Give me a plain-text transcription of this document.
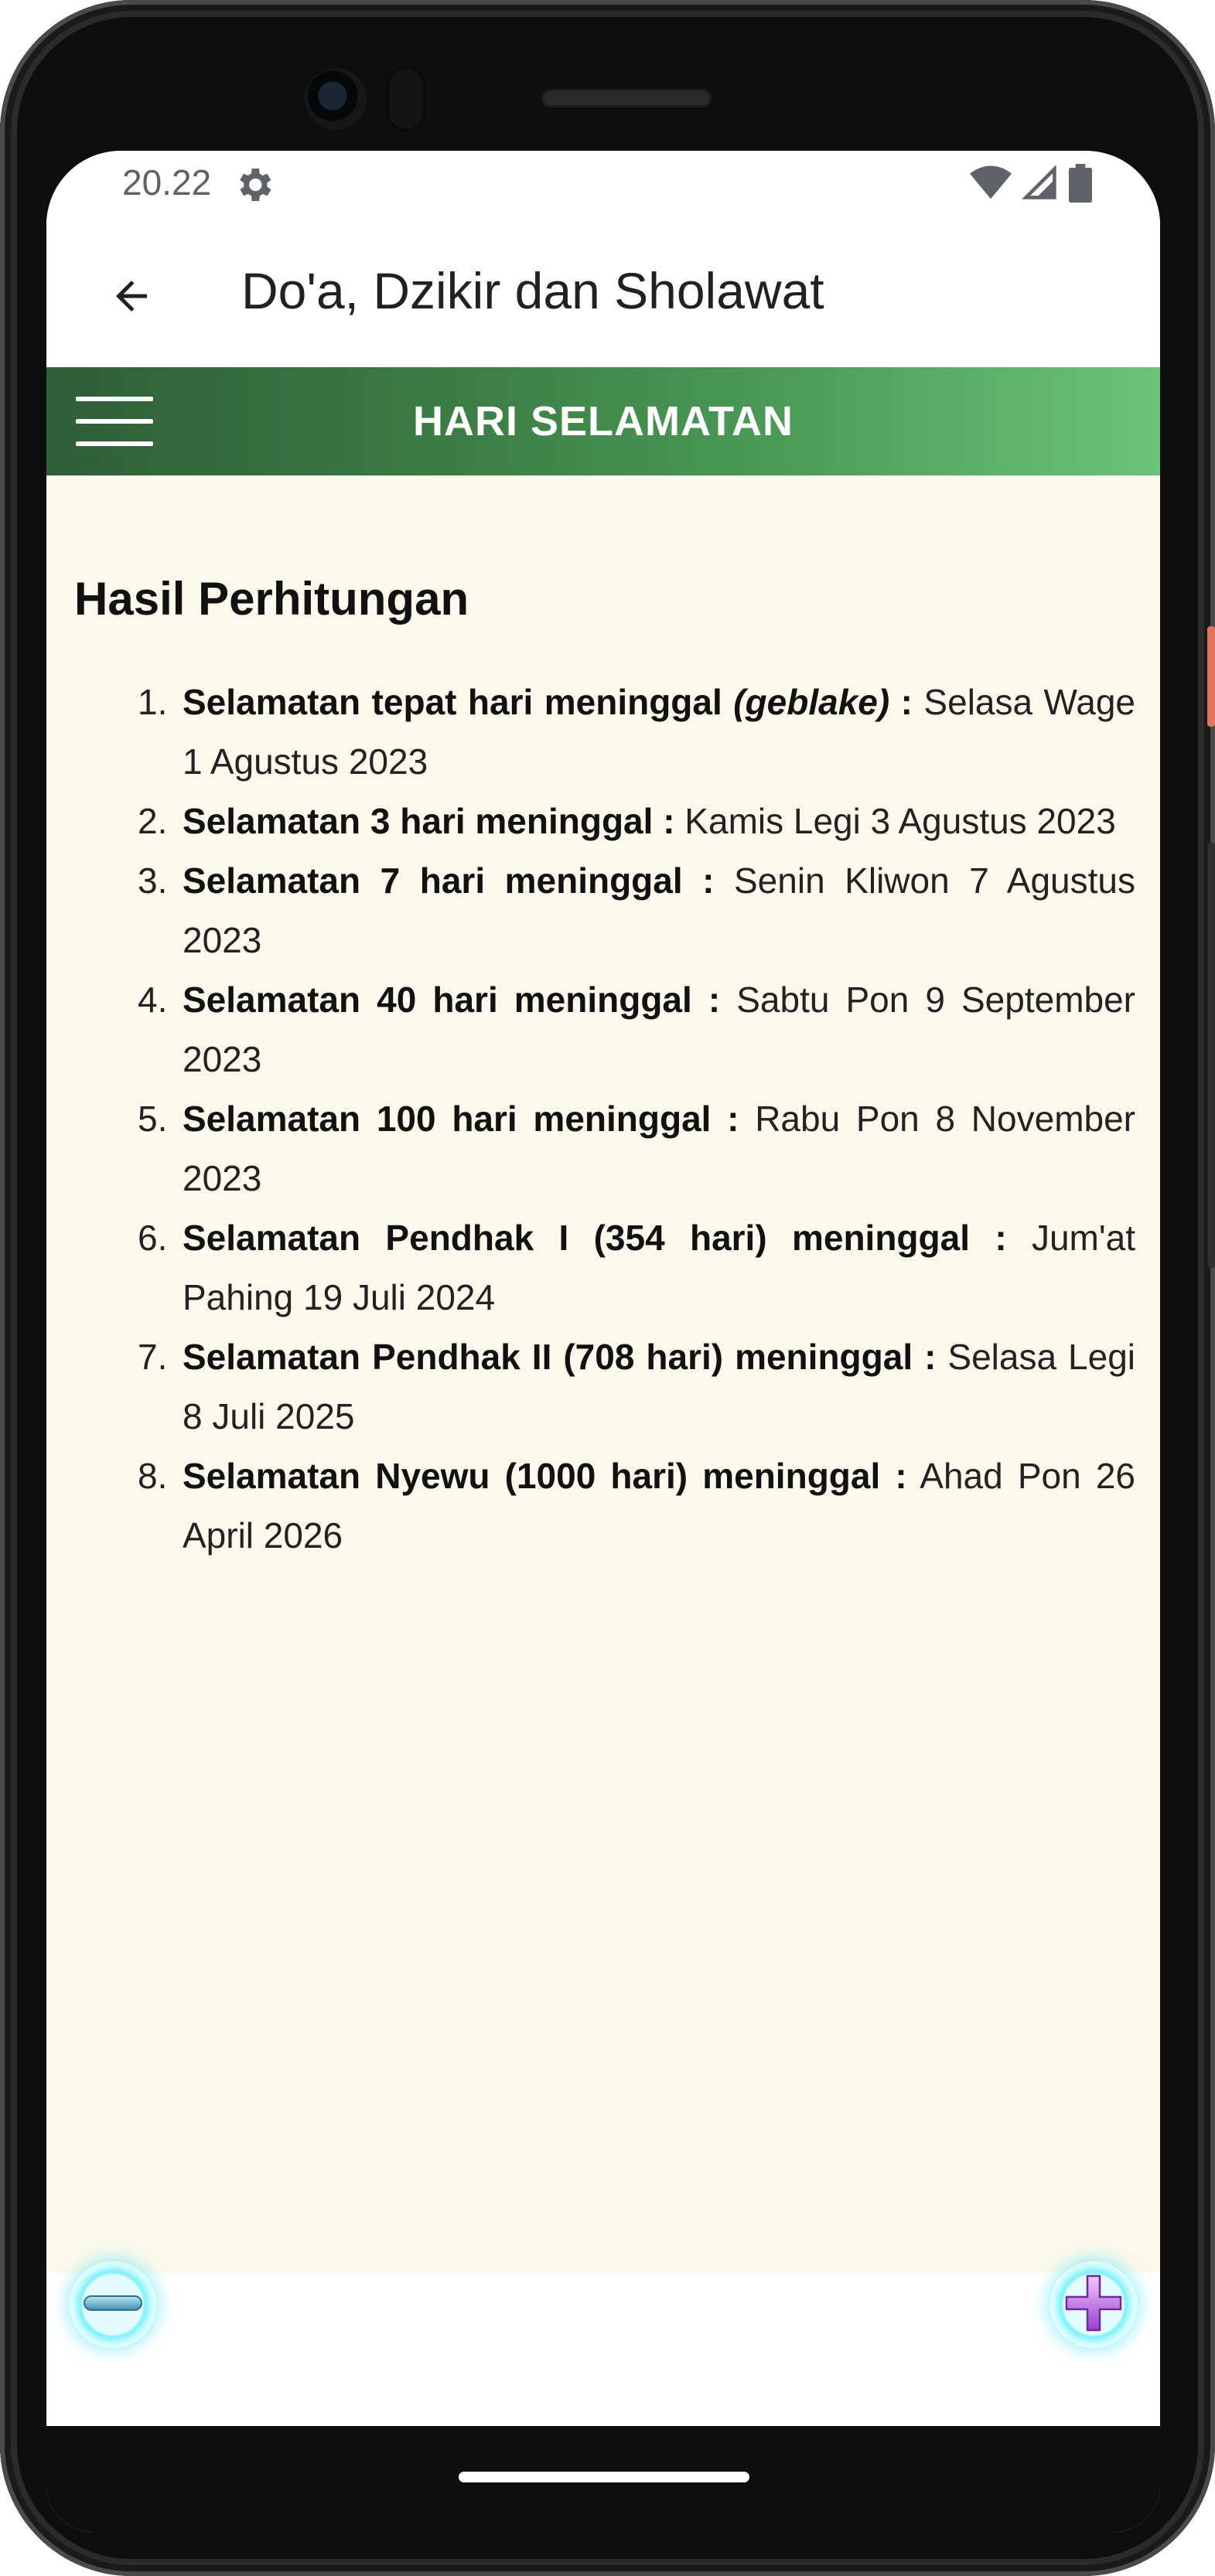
20.22
Do'a, Dzikir dan Sholawat
HARI SELAMATAN
Hasil Perhitungan
1. Selamatan tepat hari meninggal (geblake) : Selasa Wage 1 Agustus 2023
2. Selamatan 3 hari meninggal : Kamis Legi 3 Agustus 2023
3. Selamatan 7 hari meninggal : Senin Kliwon 7 Agustus 2023
4. Selamatan 40 hari meninggal : Sabtu Pon 9 September 2023
5. Selamatan 100 hari meninggal : Rabu Pon 8 November 2023
6. Selamatan Pendhak I (354 hari) meninggal : Jum'at Pahing 19 Juli 2024
7. Selamatan Pendhak II (708 hari) meninggal : Selasa Legi 8 Juli 2025
8. Selamatan Nyewu (1000 hari) meninggal : Ahad Pon 26 April 2026
